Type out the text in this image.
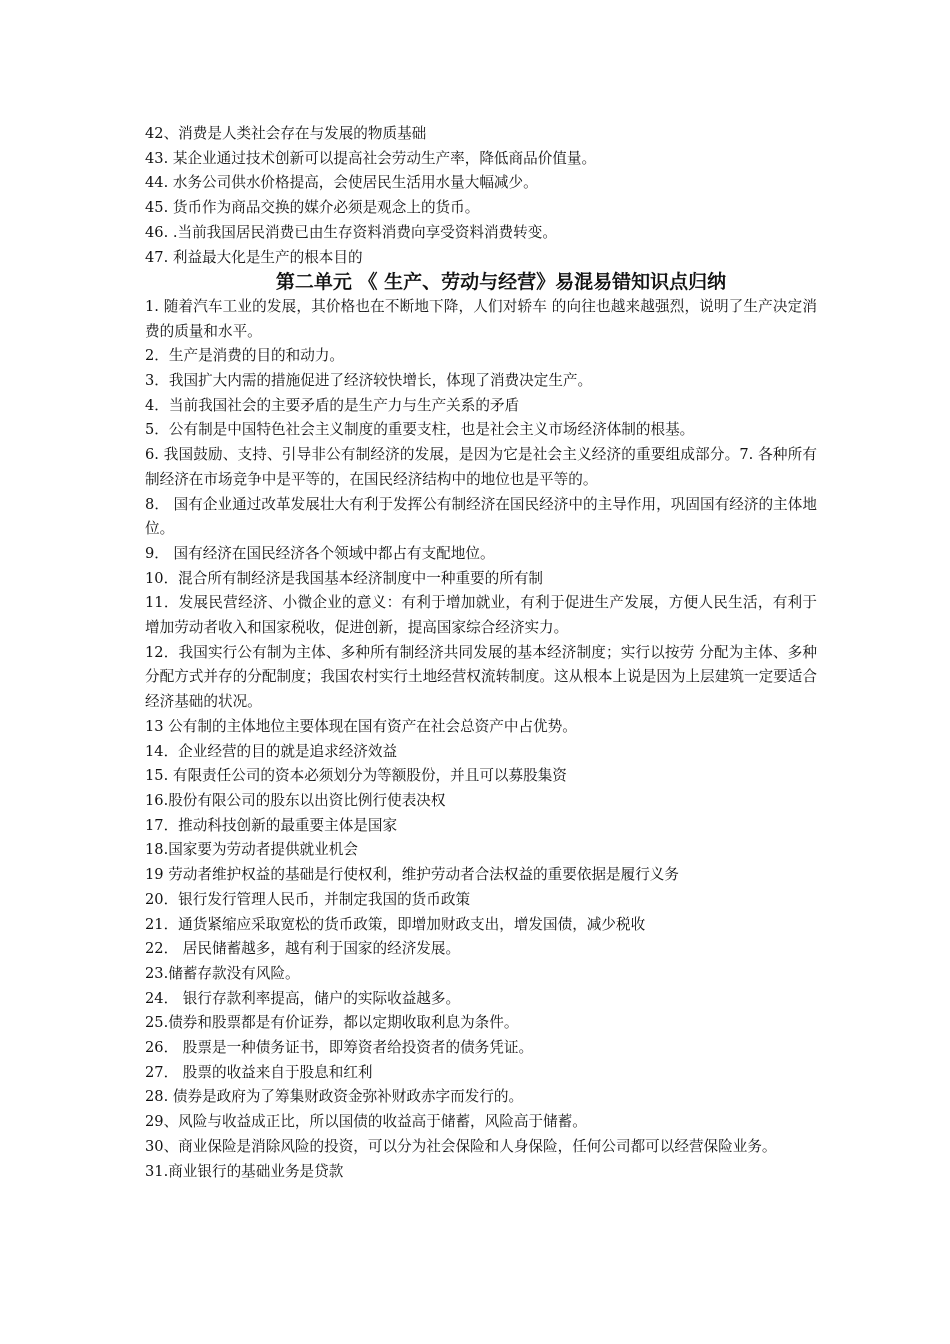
42、消费是人类社会存在与发展的物质基础
43. 某企业通过技术创新可以提高社会劳动生产率，降低商品价值量。
44. 水务公司供水价格提高，会使居民生活用水量大幅减少。
45. 货币作为商品交换的媒介必须是观念上的货币。
46. .当前我国居民消费已由生存资料消费向享受资料消费转变。
47. 利益最大化是生产的根本目的
第二单元 《 生产、劳动与经营》易混易错知识点归纳
1. 随着汽车工业的发展，其价格也在不断地下降，人们对轿车 的向往也越来越强烈，说明了生产决定消费的质量和水平。
2．生产是消费的目的和动力。
3．我国扩大内需的措施促进了经济较快增长，体现了消费决定生产。
4．当前我国社会的主要矛盾的是生产力与生产关系的矛盾
5．公有制是中国特色社会主义制度的重要支柱，也是社会主义市场经济体制的根基。
6. 我国鼓励、支持、引导非公有制经济的发展，是因为它是社会主义经济的重要组成部分。7. 各种所有制经济在市场竞争中是平等的，在国民经济结构中的地位也是平等的。
8． 国有企业通过改革发展壮大有利于发挥公有制经济在国民经济中的主导作用，巩固国有经济的主体地位。
9． 国有经济在国民经济各个领域中都占有支配地位。
10．混合所有制经济是我国基本经济制度中一种重要的所有制
11．发展民营经济、小微企业的意义：有利于增加就业，有利于促进生产发展，方便人民生活，有利于增加劳动者收入和国家税收，促进创新，提高国家综合经济实力。
12．我国实行公有制为主体、多种所有制经济共同发展的基本经济制度；实行以按劳 分配为主体、多种分配方式并存的分配制度；我国农村实行土地经营权流转制度。这从根本上说是因为上层建筑一定要适合经济基础的状况。
13 公有制的主体地位主要体现在国有资产在社会总资产中占优势。
14．企业经营的目的就是追求经济效益
15. 有限责任公司的资本必须划分为等额股份，并且可以募股集资
16.股份有限公司的股东以出资比例行使表决权
17．推动科技创新的最重要主体是国家
18.国家要为劳动者提供就业机会
19 劳动者维护权益的基础是行使权利，维护劳动者合法权益的重要依据是履行义务
20．银行发行管理人民币，并制定我国的货币政策
21．通货紧缩应采取宽松的货币政策，即增加财政支出，增发国债，减少税收
22． 居民储蓄越多，越有利于国家的经济发展。
23.储蓄存款没有风险。
24． 银行存款利率提高，储户的实际收益越多。
25.债券和股票都是有价证券，都以定期收取利息为条件。
26． 股票是一种债务证书，即筹资者给投资者的债务凭证。
27． 股票的收益来自于股息和红利
28. 债券是政府为了筹集财政资金弥补财政赤字而发行的。
29、风险与收益成正比，所以国债的收益高于储蓄，风险高于储蓄。
30、商业保险是消除风险的投资，可以分为社会保险和人身保险，任何公司都可以经营保险业务。
31.商业银行的基础业务是贷款
